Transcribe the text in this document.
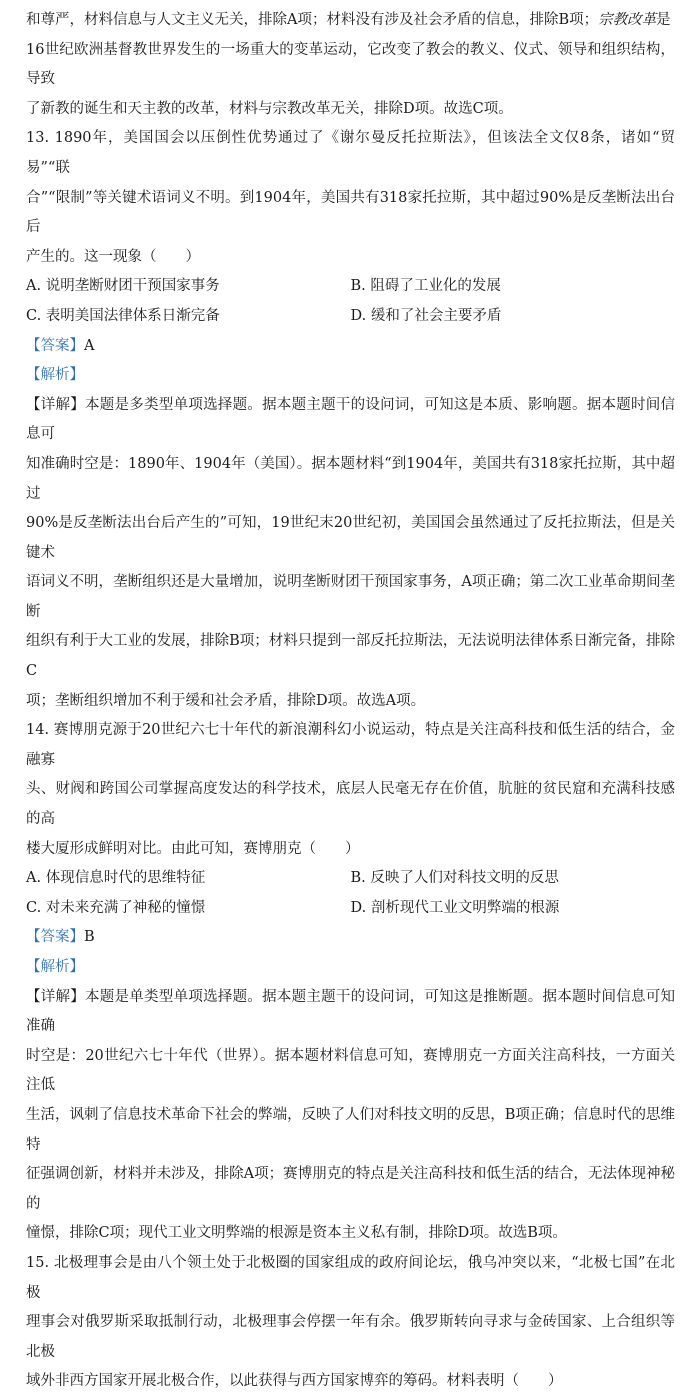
和尊严，材料信息与人文主义无关，排除A项；材料没有涉及社会矛盾的信息，排除B项；宗教改革是

16世纪欧洲基督教世界发生的一场重大的变革运动，它改变了教会的教义、仪式、领导和组织结构，导致

了新教的诞生和天主教的改革，材料与宗教改革无关，排除D项。故选C项。

13. 1890年，美国国会以压倒性优势通过了《谢尔曼反托拉斯法》，但该法全文仅8条，诸如“贸易”“联

合”“限制”等关键术语词义不明。到1904年，美国共有318家托拉斯，其中超过90%是反垄断法出台后

产生的。这一现象（　　）

A. 说明垄断财团干预国家事务	B. 阻碍了工业化的发展
C. 表明美国法律体系日渐完备	D. 缓和了社会主要矛盾

【答案】A

【解析】

【详解】本题是多类型单项选择题。据本题主题干的设问词，可知这是本质、影响题。据本题时间信息可

知准确时空是：1890年、1904年（美国）。据本题材料“到1904年，美国共有318家托拉斯，其中超过

90%是反垄断法出台后产生的”可知，19世纪末20世纪初，美国国会虽然通过了反托拉斯法，但是关键术

语词义不明，垄断组织还是大量增加，说明垄断财团干预国家事务，A项正确；第二次工业革命期间垄断

组织有利于大工业的发展，排除B项；材料只提到一部反托拉斯法，无法说明法律体系日渐完备，排除C

项；垄断组织增加不利于缓和社会矛盾，排除D项。故选A项。

14. 赛博朋克源于20世纪六七十年代的新浪潮科幻小说运动，特点是关注高科技和低生活的结合，金融寡

头、财阀和跨国公司掌握高度发达的科学技术，底层人民毫无存在价值，肮脏的贫民窟和充满科技感的高

楼大厦形成鲜明对比。由此可知，赛博朋克（　　）

A. 体现信息时代的思维特征	B. 反映了人们对科技文明的反思
C. 对未来充满了神秘的憧憬	D. 剖析现代工业文明弊端的根源

【答案】B

【解析】

【详解】本题是单类型单项选择题。据本题主题干的设问词，可知这是推断题。据本题时间信息可知准确

时空是：20世纪六七十年代（世界）。据本题材料信息可知，赛博朋克一方面关注高科技，一方面关注低

生活，讽刺了信息技术革命下社会的弊端，反映了人们对科技文明的反思，B项正确；信息时代的思维特

征强调创新，材料并未涉及，排除A项；赛博朋克的特点是关注高科技和低生活的结合，无法体现神秘的

憧憬，排除C项；现代工业文明弊端的根源是资本主义私有制，排除D项。故选B项。

15. 北极理事会是由八个领土处于北极圈的国家组成的政府间论坛，俄乌冲突以来，“北极七国”在北极

理事会对俄罗斯采取抵制行动，北极理事会停摆一年有余。俄罗斯转向寻求与金砖国家、上合组织等北极

域外非西方国家开展北极合作，以此获得与西方国家博弈的筹码。材料表明（　　）
